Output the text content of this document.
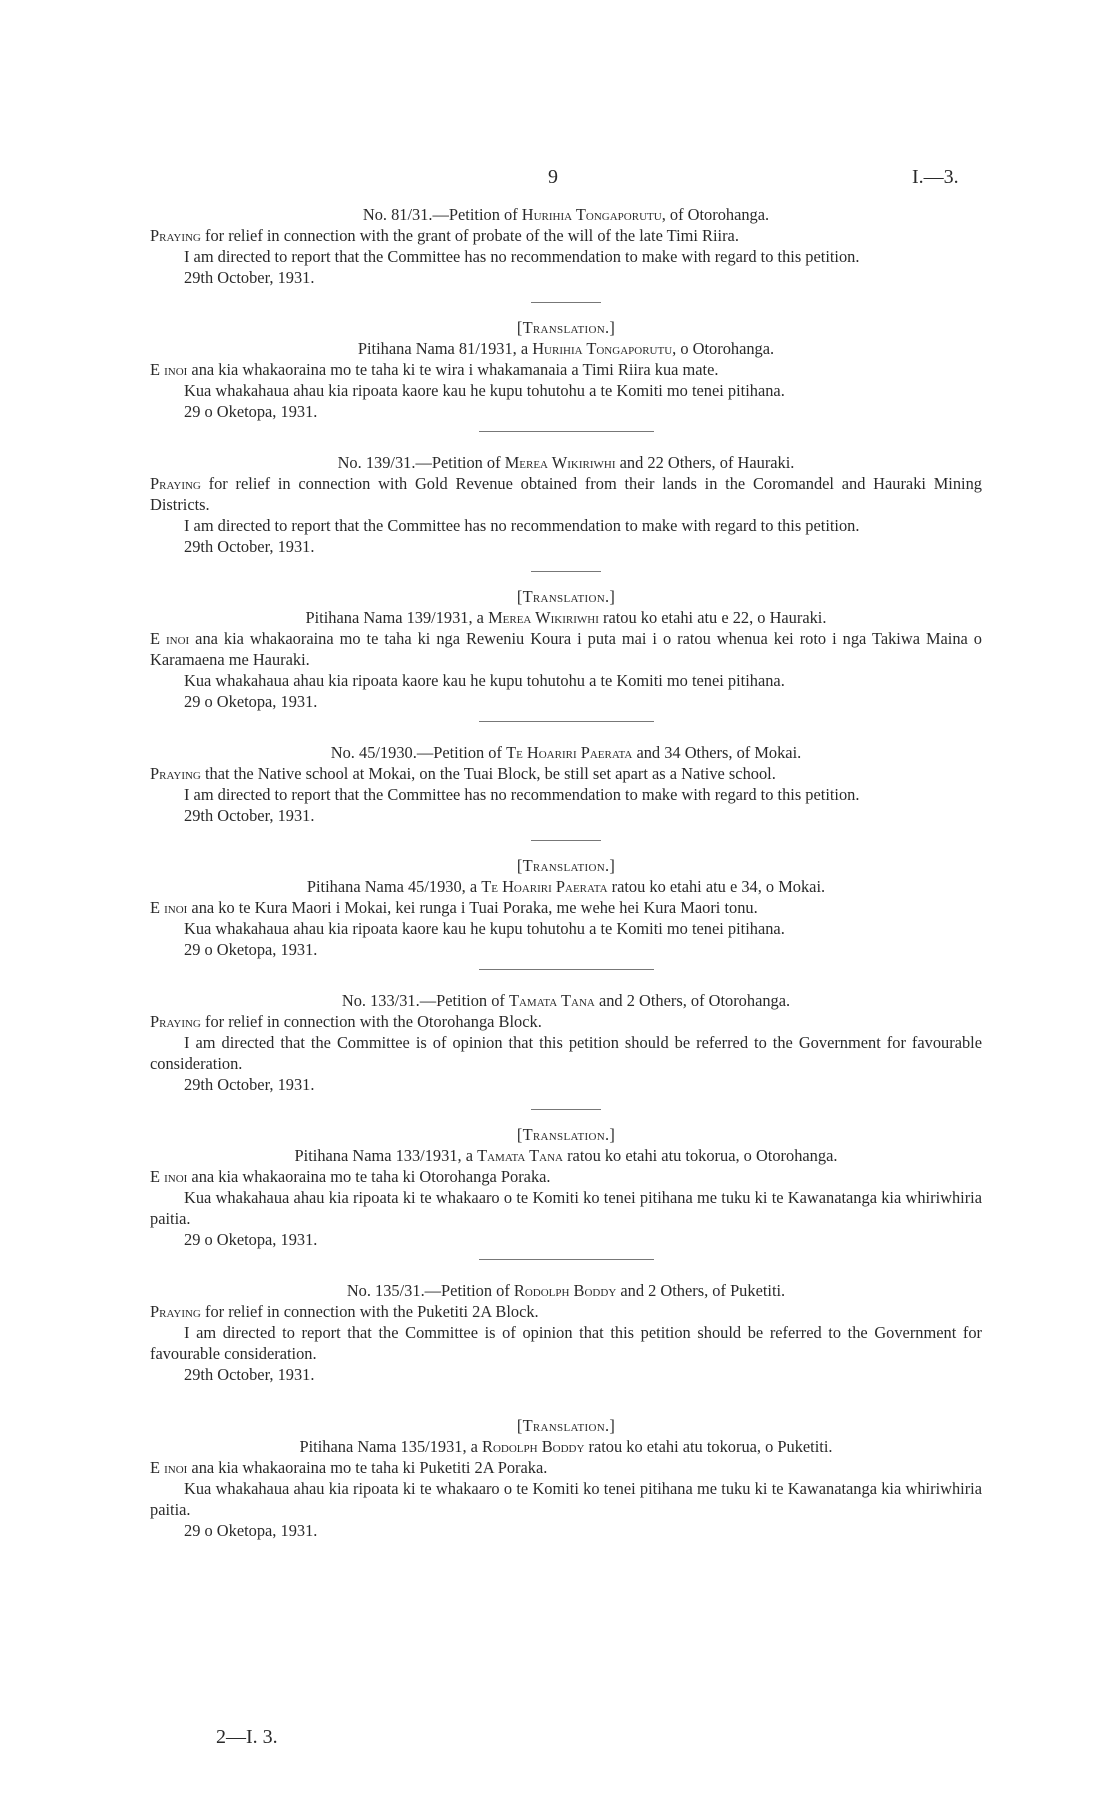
9	I.—3.

No. 81/31.—Petition of Hurihia Tongaporutu, of Otorohanga.

Praying for relief in connection with the grant of probate of the will of the late Timi Riira.

I am directed to report that the Committee has no recommendation to make with regard to this petition.

29th October, 1931.

[Translation.]

Pitihana Nama 81/1931, a Hurihia Tongaporutu, o Otorohanga.

E inoi ana kia whakaoraina mo te taha ki te wira i whakamanaia a Timi Riira kua mate.

Kua whakahaua ahau kia ripoata kaore kau he kupu tohutohu a te Komiti mo tenei pitihana.

29 o Oketopa, 1931.

No. 139/31.—Petition of Merea Wikiriwhi and 22 Others, of Hauraki.

Praying for relief in connection with Gold Revenue obtained from their lands in the Coromandel and Hauraki Mining Districts.

I am directed to report that the Committee has no recommendation to make with regard to this petition.

29th October, 1931.

[Translation.]

Pitihana Nama 139/1931, a Merea Wikiriwhi ratou ko etahi atu e 22, o Hauraki.

E inoi ana kia whakaoraina mo te taha ki nga Reweniu Koura i puta mai i o ratou whenua kei roto i nga Takiwa Maina o Karamaena me Hauraki.

Kua whakahaua ahau kia ripoata kaore kau he kupu tohutohu a te Komiti mo tenei pitihana.

29 o Oketopa, 1931.

No. 45/1930.—Petition of Te Hoariri Paerata and 34 Others, of Mokai.

Praying that the Native school at Mokai, on the Tuai Block, be still set apart as a Native school.

I am directed to report that the Committee has no recommendation to make with regard to this petition.

29th October, 1931.

[Translation.]

Pitihana Nama 45/1930, a Te Hoariri Paerata ratou ko etahi atu e 34, o Mokai.

E inoi ana ko te Kura Maori i Mokai, kei runga i Tuai Poraka, me wehe hei Kura Maori tonu.

Kua whakahaua ahau kia ripoata kaore kau he kupu tohutohu a te Komiti mo tenei pitihana.

29 o Oketopa, 1931.

No. 133/31.—Petition of Tamata Tana and 2 Others, of Otorohanga.

Praying for relief in connection with the Otorohanga Block.

I am directed that the Committee is of opinion that this petition should be referred to the Government for favourable consideration.

29th October, 1931.

[Translation.]

Pitihana Nama 133/1931, a Tamata Tana ratou ko etahi atu tokorua, o Otorohanga.

E inoi ana kia whakaoraina mo te taha ki Otorohanga Poraka.

Kua whakahaua ahau kia ripoata ki te whakaaro o te Komiti ko tenei pitihana me tuku ki te Kawanatanga kia whiriwhiria paitia.

29 o Oketopa, 1931.

No. 135/31.—Petition of Rodolph Boddy and 2 Others, of Puketiti.

Praying for relief in connection with the Puketiti 2A Block.

I am directed to report that the Committee is of opinion that this petition should be referred to the Government for favourable consideration.

29th October, 1931.

[Translation.]

Pitihana Nama 135/1931, a Rodolph Boddy ratou ko etahi atu tokorua, o Puketiti.

E inoi ana kia whakaoraina mo te taha ki Puketiti 2A Poraka.

Kua whakahaua ahau kia ripoata ki te whakaaro o te Komiti ko tenei pitihana me tuku ki te Kawanatanga kia whiriwhiria paitia.

29 o Oketopa, 1931.

2—I. 3.
